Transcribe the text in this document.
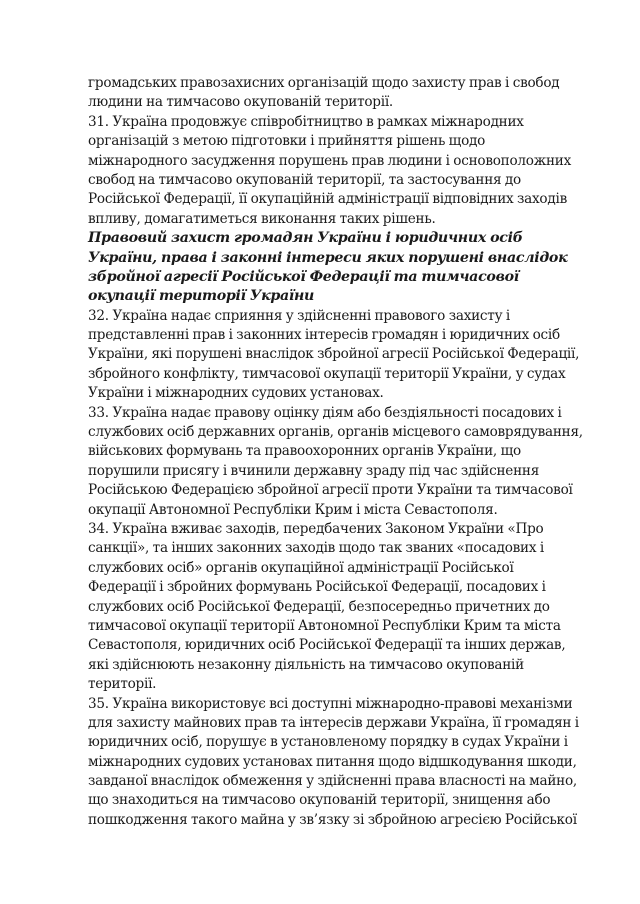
громадських правозахисних організацій щодо захисту прав і свобод
людини на тимчасово окупованій території.
31. Україна продовжує співробітництво в рамках міжнародних
організацій з метою підготовки і прийняття рішень щодо
міжнародного засудження порушень прав людини і основоположних
свобод на тимчасово окупованій території, та застосування до
Російської Федерації, її окупаційній адміністрації відповідних заходів
впливу, домагатиметься виконання таких рішень.
Правовий захист громадян України і юридичних осіб
України, права і законні інтереси яких порушені внаслідок
збройної агресії Російської Федерації та тимчасової
окупації території України
32. Україна надає сприяння у здійсненні правового захисту і
представленні прав і законних інтересів громадян і юридичних осіб
України, які порушені внаслідок збройної агресії Російської Федерації,
збройного конфлікту, тимчасової окупації території України, у судах
України і міжнародних судових установах.
33. Україна надає правову оцінку діям або бездіяльності посадових і
службових осіб державних органів, органів місцевого самоврядування,
військових формувань та правоохоронних органів України, що
порушили присягу і вчинили державну зраду під час здійснення
Російською Федерацією збройної агресії проти України та тимчасової
окупації Автономної Республіки Крим і міста Севастополя.
34. Україна вживає заходів, передбачених Законом України «Про
санкції», та інших законних заходів щодо так званих «посадових і
службових осіб» органів окупаційної адміністрації Російської
Федерації і збройних формувань Російської Федерації, посадових і
службових осіб Російської Федерації, безпосередньо причетних до
тимчасової окупації території Автономної Республіки Крим та міста
Севастополя, юридичних осіб Російської Федерації та інших держав,
які здійснюють незаконну діяльність на тимчасово окупованій
території.
35. Україна використовує всі доступні міжнародно-правові механізми
для захисту майнових прав та інтересів держави Україна, її громадян і
юридичних осіб, порушує в установленому порядку в судах України і
міжнародних судових установах питання щодо відшкодування шкоди,
завданої внаслідок обмеження у здійсненні права власності на майно,
що знаходиться на тимчасово окупованій території, знищення або
пошкодження такого майна у зв’язку зі збройною агресією Російської
